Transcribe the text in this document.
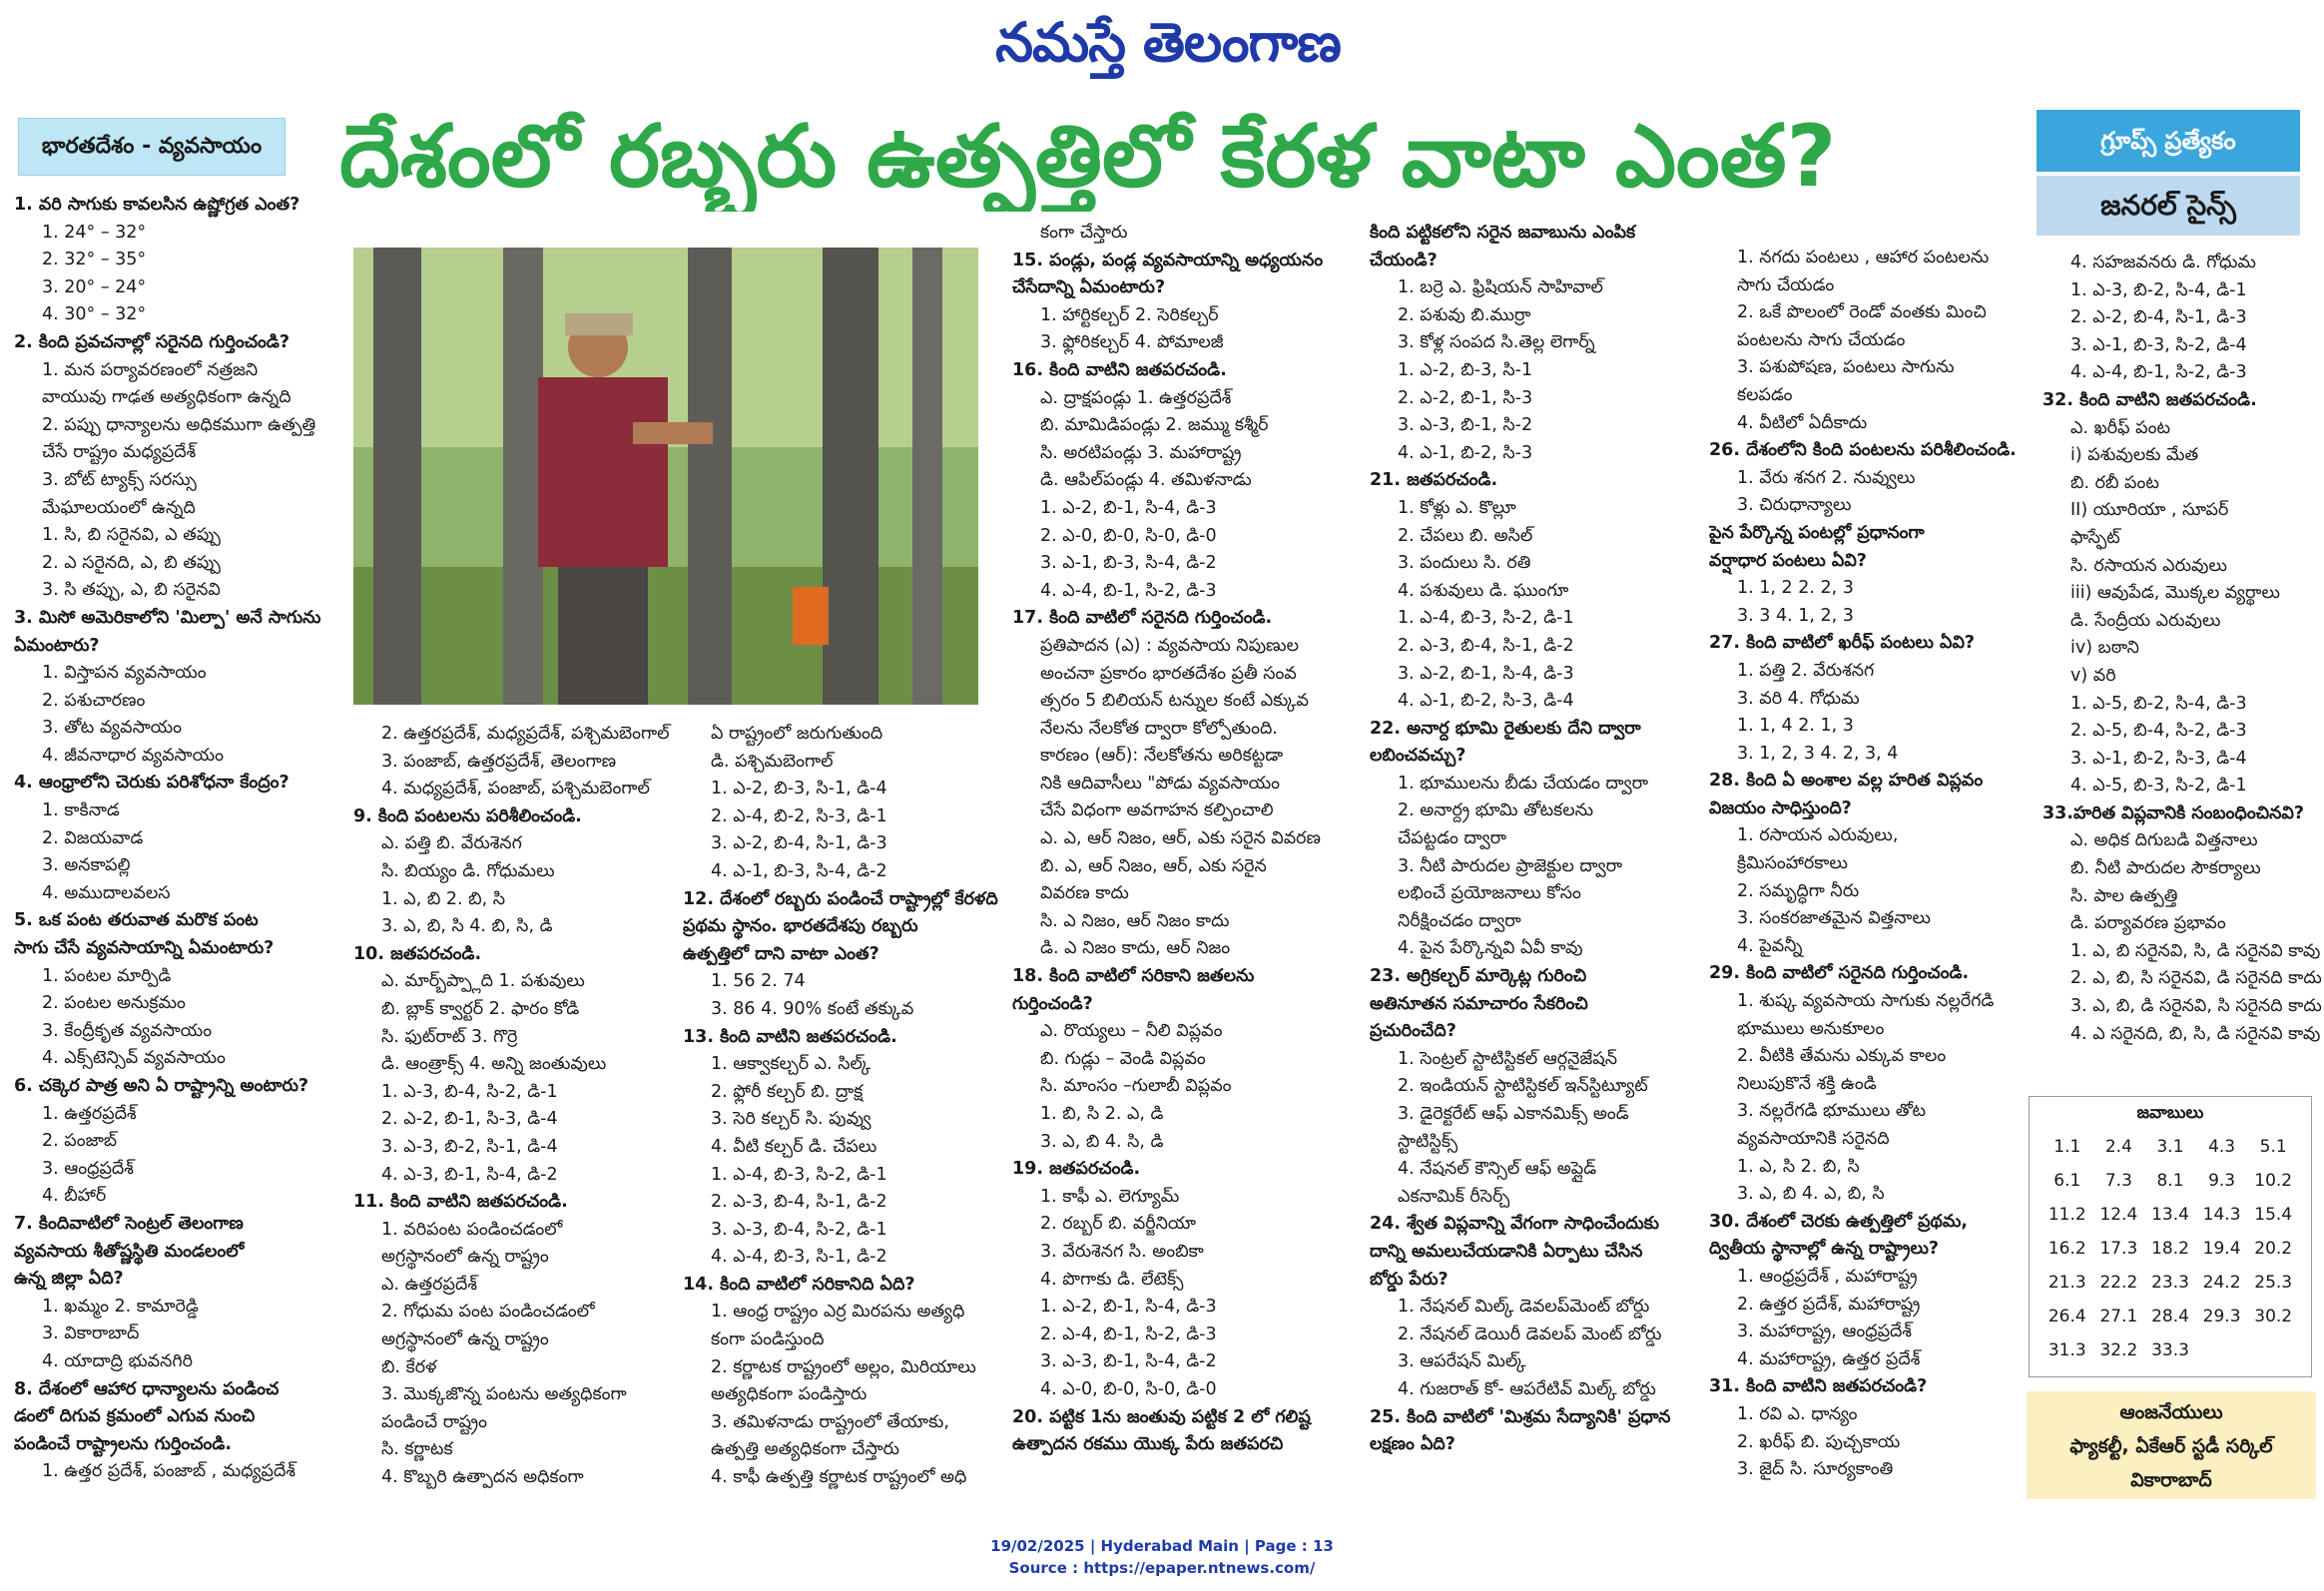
నమస్తే తెలంగాణ
భారతదేశం - వ్యవసాయం దేశంలో రబ్బరు ఉత్పత్తిలో కేరళ వాటా ఎంత?	గ్రూప్స్ ప్రత్యేకం
జనరల్ సైన్స్

1. వరి సాగుకు కావలసిన ఉష్ణోగ్రత ఎంత?

1. 24° – 32°

2. 32° – 35°

3. 20° – 24°

4. 30° – 32°

2. కింది ప్రవచనాల్లో సరైనది గుర్తించండి?

1. మన పర్యావరణంలో నత్రజని

వాయువు గాఢత అత్యధికంగా ఉన్నది

2. పప్పు ధాన్యాలను అధికముగా ఉత్పత్తి

చేసే రాష్ట్రం మధ్యప్రదేశ్

3. బోట్ ట్యాక్స్ సరస్సు

మేఘాలయంలో ఉన్నది

1. సి, బి సరైనవి, ఎ తప్పు

2. ఎ సరైనది, ఎ, బి తప్పు

3. సి తప్పు, ఎ, బి సరైనవి

3. మిసో అమెరికాలోని 'మిల్పా' అనే సాగును

ఏమంటారు?

1. విస్తాపన వ్యవసాయం

2. పశుచారణం

3. తోట వ్యవసాయం

4. జీవనాధార వ్యవసాయం

4. ఆంధ్రాలోని చెరుకు పరిశోధనా కేంద్రం?

1. కాకినాడ

2. విజయవాడ

3. అనకాపల్లి

4. అముదాలవలస

5. ఒక పంట తరువాత మరొక పంట

సాగు చేసే వ్యవసాయాన్ని ఏమంటారు?

1. పంటల మార్పిడి

2. పంటల అనుక్రమం

3. కేంద్రీకృత వ్యవసాయం

4. ఎక్స్‌టెన్సివ్ వ్యవసాయం

6. చక్కెర పాత్ర అని ఏ రాష్ట్రాన్ని అంటారు?

1. ఉత్తరప్రదేశ్

2. పంజాబ్

3. ఆంధ్రప్రదేశ్

4. బీహార్

7. కిందివాటిలో సెంట్రల్ తెలంగాణ

వ్యవసాయ శీతోష్ణస్థితి మండలంలో

ఉన్న జిల్లా ఏది?

1. ఖమ్మం 2. కామారెడ్డి

3. వికారాబాద్

4. యాదాద్రి భువనగిరి

8. దేశంలో ఆహార ధాన్యాలను పండించ

డంలో దిగువ క్రమంలో ఎగువ నుంచి

పండించే రాష్ట్రాలను గుర్తించండి.

1. ఉత్తర ప్రదేశ్, పంజాబ్ , మధ్యప్రదేశ్

2. ఉత్తరప్రదేశ్, మధ్యప్రదేశ్, పశ్చిమబెంగాల్

3. పంజాబ్, ఉత్తరప్రదేశ్, తెలంగాణ

4. మధ్యప్రదేశ్, పంజాబ్, పశ్చిమబెంగాల్

9. కింది పంటలను పరిశీలించండి.

ఎ. పత్తి బి. వేరుశెనగ

సి. బియ్యం డి. గోధుమలు

1. ఎ, బి 2. బి, సి

3. ఎ, బి, సి 4. బి, సి, డి

10. జతపరచండి.

ఎ. మార్బ్‌ప్ప్లాది 1. పశువులు

బి. బ్లాక్ క్వార్టర్ 2. ఫారం కోడి

సి. ఫుట్‌రాట్ 3. గొర్రె

డి. ఆంత్రాక్స్ 4. అన్ని జంతువులు

1. ఎ-3, బి-4, సి-2, డి-1

2. ఎ-2, బి-1, సి-3, డి-4

3. ఎ-3, బి-2, సి-1, డి-4

4. ఎ-3, బి-1, సి-4, డి-2

11. కింది వాటిని జతపరచండి.

1. వరిపంట పండించడంలో

అగ్రస్థానంలో ఉన్న రాష్ట్రం

ఎ. ఉత్తరప్రదేశ్

2. గోధుమ పంట పండించడంలో

అగ్రస్థానంలో ఉన్న రాష్ట్రం

బి. కేరళ

3. మొక్కజొన్న పంటను అత్యధికంగా

పండించే రాష్ట్రం

సి. కర్ణాటక

4. కొబ్బరి ఉత్పాదన అధికంగా

ఏ రాష్ట్రంలో జరుగుతుంది

డి. పశ్చిమబెంగాల్

1. ఎ-2, బి-3, సి-1, డి-4

2. ఎ-4, బి-2, సి-3, డి-1

3. ఎ-2, బి-4, సి-1, డి-3

4. ఎ-1, బి-3, సి-4, డి-2

12. దేశంలో రబ్బరు పండించే రాష్ట్రాల్లో కేరళది

ప్రథమ స్థానం. భారతదేశపు రబ్బరు

ఉత్పత్తిలో దాని వాటా ఎంత?

1. 56 2. 74

3. 86 4. 90% కంటే తక్కువ

13. కింది వాటిని జతపరచండి.

1. ఆక్వాకల్చర్ ఎ. సిల్క్

2. ఫ్లోరీ కల్చర్ బి. ద్రాక్ష

3. సెరి కల్చర్ సి. పువ్వు

4. వీటి కల్చర్ డి. చేపలు

1. ఎ-4, బి-3, సి-2, డి-1

2. ఎ-3, బి-4, సి-1, డి-2

3. ఎ-3, బి-4, సి-2, డి-1

4. ఎ-4, బి-3, సి-1, డి-2

14. కింది వాటిలో సరికానిది ఏది?

1. ఆంధ్ర రాష్ట్రం ఎర్ర మిరపను అత్యధి

కంగా పండిస్తుంది

2. కర్ణాటక రాష్ట్రంలో అల్లం, మిరియాలు

అత్యధికంగా పండిస్తారు

3. తమిళనాడు రాష్ట్రంలో తేయాకు,

ఉత్పత్తి అత్యధికంగా చేస్తారు

4. కాఫీ ఉత్పత్తి కర్ణాటక రాష్ట్రంలో అధి

కంగా చేస్తారు

15. పండ్లు, పండ్ల వ్యవసాయాన్ని అధ్యయనం

చేసేదాన్ని ఏమంటారు?

1. హార్టికల్చర్ 2. సెరికల్చర్

3. ఫ్లోరికల్చర్ 4. పోమాలజీ

16. కింది వాటిని జతపరచండి.

ఎ. ద్రాక్షపండ్లు 1. ఉత్తరప్రదేశ్

బి. మామిడిపండ్లు 2. జమ్ము కశ్మీర్

సి. అరటిపండ్లు 3. మహారాష్ట్ర

డి. ఆపిల్‌పండ్లు 4. తమిళనాడు

1. ఎ-2, బి-1, సి-4, డి-3

2. ఎ-0, బి-0, సి-0, డి-0

3. ఎ-1, బి-3, సి-4, డి-2

4. ఎ-4, బి-1, సి-2, డి-3

17. కింది వాటిలో సరైనది గుర్తించండి.

ప్రతిపాదన (ఎ) : వ్యవసాయ నిపుణుల

అంచనా ప్రకారం భారతదేశం ప్రతీ సంవ

త్సరం 5 బిలియన్ టన్నుల కంటే ఎక్కువ

నేలను నేలకోత ద్వారా కోల్పోతుంది.

కారణం (ఆర్): నేలకోతను అరికట్టడా

నికి ఆదివాసీలు "పోడు వ్యవసాయం

చేసే విధంగా అవగాహన కల్పించాలి

ఎ. ఎ, ఆర్ నిజం, ఆర్, ఎకు సరైన వివరణ

బి. ఎ, ఆర్ నిజం, ఆర్, ఎకు సరైన

వివరణ కాదు

సి. ఎ నిజం, ఆర్ నిజం కాదు

డి. ఎ నిజం కాదు, ఆర్ నిజం

18. కింది వాటిలో సరికాని జతలను

గుర్తించండి?

ఎ. రొయ్యలు – నీలి విప్లవం

బి. గుడ్లు – వెండి విప్లవం

సి. మాంసం –గులాబీ విప్లవం

1. బి, సి 2. ఎ, డి

3. ఎ, బి 4. సి, డి

19. జతపరచండి.

1. కాఫీ ఎ. లెగ్యూమ్

2. రబ్బర్ బి. వర్జీనియా

3. వేరుశెనగ సి. అంబికా

4. పొగాకు డి. లేటెక్స్

1. ఎ-2, బి-1, సి-4, డి-3

2. ఎ-4, బి-1, సి-2, డి-3

3. ఎ-3, బి-1, సి-4, డి-2

4. ఎ-0, బి-0, సి-0, డి-0

20. పట్టిక 1ను జంతువు పట్టిక 2 లో గలిష్ట

ఉత్పాదన రకము యొక్క పేరు జతపరచి

కింది పట్టికలోని సరైన జవాబును ఎంపిక

చేయండి?

1. బర్రె ఎ. ఫ్రిషియన్ సాహివాల్

2. పశువు బి.ముర్రా

3. కోళ్ల సంపద సి.తెల్ల లెగార్న్

1. ఎ-2, బి-3, సి-1

2. ఎ-2, బి-1, సి-3

3. ఎ-3, బి-1, సి-2

4. ఎ-1, బి-2, సి-3

21. జతపరచండి.

1. కోళ్లు ఎ. కొల్లూ

2. చేపలు బి. అసిల్

3. పందులు సి. రతి

4. పశువులు డి. ఘుంగూ

1. ఎ-4, బి-3, సి-2, డి-1

2. ఎ-3, బి-4, సి-1, డి-2

3. ఎ-2, బి-1, సి-4, డి-3

4. ఎ-1, బి-2, సి-3, డి-4

22. అనార్ద భూమి రైతులకు దేని ద్వారా

లబించవచ్చు?

1. భూములను బీడు చేయడం ద్వారా

2. అనార్ద్ర భూమి తోటకలను

చేపట్టడం ద్వారా

3. నీటి పారుదల ప్రాజెక్టుల ద్వారా

లభించే ప్రయోజనాలు కోసం

నిరీక్షించడం ద్వారా

4. పైన పేర్కొన్నవి ఏవీ కావు

23. అగ్రికల్చర్ మార్కెట్ల గురించి

అతినూతన సమాచారం సేకరించి

ప్రచురించేది?

1. సెంట్రల్ స్టాటిస్టికల్ ఆర్గనైజేషన్

2. ఇండియన్ స్టాటిస్టికల్ ఇన్‌స్టిట్యూట్

3. డైరెక్టరేట్ ఆఫ్ ఎకానమిక్స్ అండ్

స్టాటిస్టిక్స్

4. నేషనల్ కౌన్సిల్ ఆఫ్ అప్లైడ్

ఎకనామిక్ రీసెర్చ్

24. శ్వేత విప్లవాన్ని వేగంగా సాధించేందుకు

దాన్ని అమలుచేయడానికి ఏర్పాటు చేసిన

బోర్డు పేరు?

1. నేషనల్ మిల్క్ డెవలప్‌మెంట్ బోర్డు

2. నేషనల్ డెయిరీ డెవలప్‌ మెంట్ బోర్డు

3. ఆపరేషన్ మిల్క్

4. గుజరాత్ కో- ఆపరేటివ్ మిల్క్ బోర్డు

25. కింది వాటిలో 'మిశ్రమ సేద్యానికి' ప్రధాన

లక్షణం ఏది?

1. నగదు పంటలు , ఆహార పంటలను

సాగు చేయడం

2. ఒకే పొలంలో రెండో వంతకు మించి

పంటలను సాగు చేయడం

3. పశుపోషణ, పంటలు సాగును

కలపడం

4. వీటిలో ఏదీకాదు

26. దేశంలోని కింది పంటలను పరిశీలించండి.

1. వేరు శనగ 2. నువ్వులు

3. చిరుధాన్యాలు

పైన పేర్కొన్న పంటల్లో ప్రధానంగా

వర్షాధార పంటలు ఏవి?

1. 1, 2 2. 2, 3

3. 3 4. 1, 2, 3

27. కింది వాటిలో ఖరీఫ్ పంటలు ఏవి?

1. పత్తి 2. వేరుశనగ

3. వరి 4. గోధుమ

1. 1, 4 2. 1, 3

3. 1, 2, 3 4. 2, 3, 4

28. కింది ఏ అంశాల వల్ల హరిత విప్లవం

విజయం సాధిస్తుంది?

1. రసాయన ఎరువులు,

క్రిమిసంహారకాలు

2. సమృద్ధిగా నీరు

3. సంకరజాతమైన విత్తనాలు

4. పైవన్నీ

29. కింది వాటిలో సరైనది గుర్తించండి.

1. శుష్క వ్యవసాయ సాగుకు నల్లరేగడి

భూములు అనుకూలం

2. వీటికి తేమను ఎక్కువ కాలం

నిలుపుకొనే శక్తి ఉండి

3. నల్లరేగడి భూములు తోట

వ్యవసాయానికి సరైనది

1. ఎ, సి 2. బి, సి

3. ఎ, బి 4. ఎ, బి, సి

30. దేశంలో చెరకు ఉత్పత్తిలో ప్రథమ,

ద్వితీయ స్థానాల్లో ఉన్న రాష్ట్రాలు?

1. ఆంధ్రప్రదేశ్ , మహారాష్ట్ర

2. ఉత్తర ప్రదేశ్, మహారాష్ట్ర

3. మహారాష్ట్ర, ఆంధ్రప్రదేశ్

4. మహారాష్ట్ర, ఉత్తర ప్రదేశ్

31. కింది వాటిని జతపరచండి?

1. రవి ఎ. ధాన్యం

2. ఖరీఫ్ బి. పుచ్చకాయ

3. జైద్ సి. సూర్యకాంతి

4. సహజవనరు డి. గోధుమ

1. ఎ-3, బి-2, సి-4, డి-1

2. ఎ-2, బి-4, సి-1, డి-3

3. ఎ-1, బి-3, సి-2, డి-4

4. ఎ-4, బి-1, సి-2, డి-3

32. కింది వాటిని జతపరచండి.

ఎ. ఖరీఫ్ పంట

i) పశువులకు మేత

బి. రబీ పంట

II) యూరియా , సూపర్

ఫాస్ఫేట్

సి. రసాయన ఎరువులు

iii) ఆవుపేడ, మొక్కల వ్యర్థాలు

డి. సేంద్రీయ ఎరువులు

iv) బఠాని

v) వరి

1. ఎ-5, బి-2, సి-4, డి-3

2. ఎ-5, బి-4, సి-2, డి-3

3. ఎ-1, బి-2, సి-3, డి-4

4. ఎ-5, బి-3, సి-2, డి-1

33.హరిత విప్లవానికి సంబంధించినవి?

ఎ. అధిక దిగుబడి విత్తనాలు

బి. నీటి పారుదల సౌకర్యాలు

సి. పాల ఉత్పత్తి

డి. పర్యావరణ ప్రభావం

1. ఎ, బి సరైనవి, సి, డి సరైనవి కావు

2. ఎ, బి, సి సరైనవి, డి సరైనది కాదు

3. ఎ, బి, డి సరైనవి, సి సరైనది కాదు

4. ఎ సరైనది, బి, సి, డి సరైనవి కావు

జవాబులు
1.1	2.4	3.1	4.3	5.1
6.1	7.3	8.1	9.3	10.2
11.2 12.4 13.4 14.3 15.4
16.2 17.3 18.2 19.4 20.2
21.3 22.2 23.3 24.2 25.3
26.4 27.1 28.4 29.3 30.2
31.3 32.2 33.3
ఆంజనేయులు
ఫ్యాకల్టీ, ఏకేఆర్ స్టడీ సర్కిల్
వికారాబాద్
19/02/2025 | Hyderabad Main | Page : 13
Source : https://epaper.ntnews.com/
